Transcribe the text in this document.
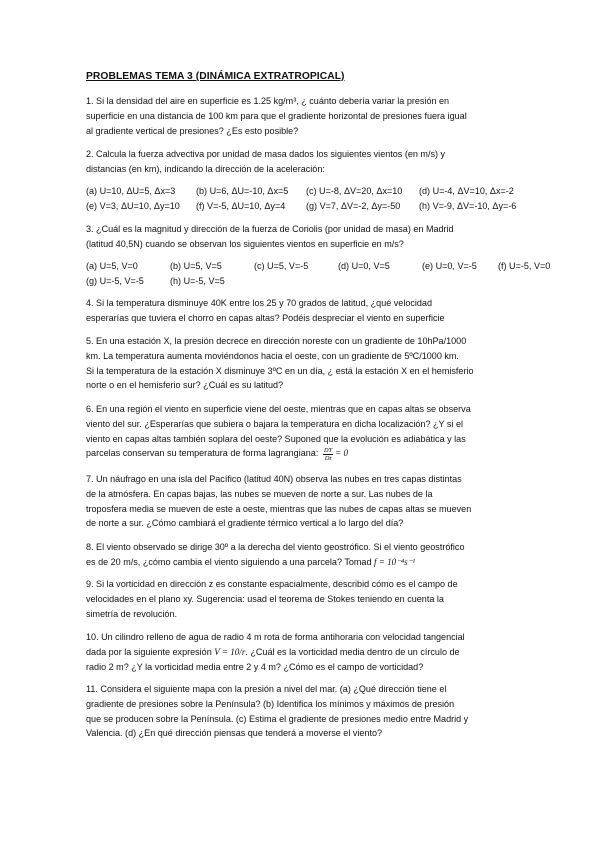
PROBLEMAS TEMA 3 (DINÁMICA EXTRATROPICAL)
1. Si la densidad del aire en superficie es 1.25 kg/m³, ¿ cuánto debería variar la presión en
superficie en una distancia de 100 km para que el gradiente horizontal de presiones fuera igual
al gradiente vertical de presiones? ¿Es esto posible?
2. Calcula la fuerza advectiva por unidad de masa dados los siguientes vientos (en m/s) y
distancias (en km), indicando la dirección de la aceleración:
(a) U=10, ΔU=5, Δx=3 (b) U=6, ΔU=-10, Δx=5 (c) U=-8, ΔV=20, Δx=10 (d) U=-4, ΔV=10, Δx=-2
(e) V=3, ΔU=10, Δy=10 (f) V=-5, ΔU=10, Δy=4 (g) V=7, ΔV=-2, Δy=-50 (h) V=-9, ΔV=-10, Δy=-6
3. ¿Cuál es la magnitud y dirección de la fuerza de Coriolis (por unidad de masa) en Madrid
(latitud 40,5N) cuando se observan los siguientes vientos en superficie en m/s?
(a) U=5, V=0	(b) U=5, V=5	(c) U=5, V=-5	(d) U=0, V=5	(e) U=0, V=-5 (f) U=-5, V=0
(g) U=-5, V=-5	(h) U=-5, V=5
4. Si la temperatura disminuye 40K entre los 25 y 70 grados de latitud, ¿qué velocidad
esperarías que tuviera el chorro en capas altas? Podéis despreciar el viento en superficie
5. En una estación X, la presión decrece en dirección noreste con un gradiente de 10hPa/1000
km. La temperatura aumenta moviéndonos hacia el oeste, con un gradiente de 5ºC/1000 km.
Si la temperatura de la estación X disminuye 3ºC en un día, ¿ está la estación X en el hemisferio
norte o en el hemisferio sur? ¿Cuál es su latitud?
6. En una región el viento en superficie viene del oeste, mientras que en capas altas se observa
viento del sur. ¿Esperarías que subiera o bajara la temperatura en dicha localización? ¿Y si el
viento en capas altas también soplara del oeste? Suponed que la evolución es adiabática y las
parcelas conservan su temperatura de forma lagrangiana: $\frac{DT}{Dt} = 0$
7. Un náufrago en una isla del Pacífico (latitud 40N) observa las nubes en tres capas distintas
de la atmósfera. En capas bajas, las nubes se mueven de norte a sur. Las nubes de la
troposfera media se mueven de este a oeste, mientras que las nubes de capas altas se mueven
de norte a sur. ¿Cómo cambiará el gradiente térmico vertical a lo largo del día?
8. El viento observado se dirige 30º a la derecha del viento geostrófico. Si el viento geostrófico
es de 20 m/s, ¿cómo cambia el viento siguiendo a una parcela? Tomad f = 10⁻⁴s⁻¹
9. Si la vorticidad en dirección z es constante espacialmente, describid cómo es el campo de
velocidades en el plano xy. Sugerencia: usad el teorema de Stokes teniendo en cuenta la
simetría de revolución.
10. Un cilindro relleno de agua de radio 4 m rota de forma antihoraria con velocidad tangencial
dada por la siguiente expresión V = 10/r. ¿Cuál es la vorticidad media dentro de un círculo de
radio 2 m? ¿Y la vorticidad media entre 2 y 4 m? ¿Cómo es el campo de vorticidad?
11. Considera el siguiente mapa con la presión a nivel del mar. (a) ¿Qué dirección tiene el
gradiente de presiones sobre la Península? (b) Identifica los mínimos y máximos de presión
que se producen sobre la Península. (c) Estima el gradiente de presiones medio entre Madrid y
Valencia. (d) ¿En qué dirección piensas que tenderá a moverse el viento?
